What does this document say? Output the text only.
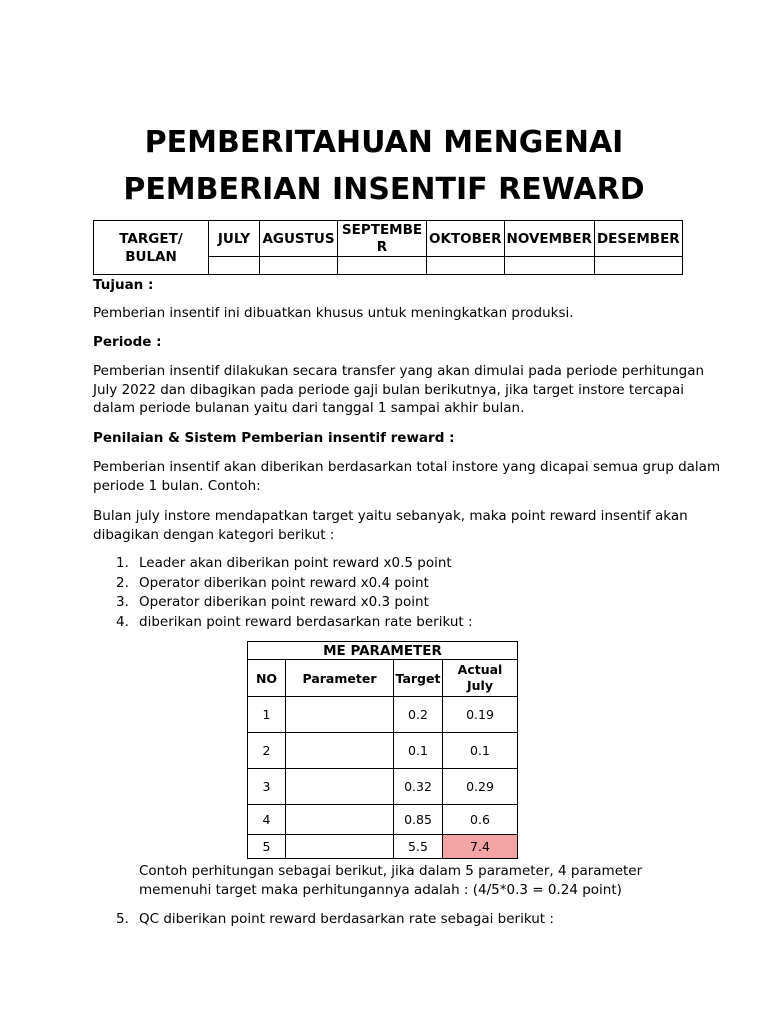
PEMBERITAHUAN MENGENAI
PEMBERIAN INSENTIF REWARD
TARGET/ BULAN	JULY	AGUSTUS	SEPTEMBE R	OKTOBER	NOVEMBER	DESEMBER

Tujuan :
Pemberian insentif ini dibuatkan khusus untuk meningkatkan produksi.
Periode :
Pemberian insentif dilakukan secara transfer yang akan dimulai pada periode perhitungan
July 2022 dan dibagikan pada periode gaji bulan berikutnya, jika target instore tercapai
dalam periode bulanan yaitu dari tanggal 1 sampai akhir bulan.
Penilaian & Sistem Pemberian insentif reward :
Pemberian insentif akan diberikan berdasarkan total instore yang dicapai semua grup dalam
periode 1 bulan. Contoh:
Bulan july instore mendapatkan target yaitu sebanyak, maka point reward insentif akan
dibagikan dengan kategori berikut :
1. Leader akan diberikan point reward x0.5 point
2. Operator diberikan point reward x0.4 point
3. Operator diberikan point reward x0.3 point
4. diberikan point reward berdasarkan rate berikut :
ME PARAMETER			
NO	Parameter	Target	Actual July
1		0.2	0.19
2		0.1	0.1
3		0.32	0.29
4		0.85	0.6
5		5.5	7.4
Contoh perhitungan sebagai berikut, jika dalam 5 parameter, 4 parameter
memenuhi target maka perhitungannya adalah : (4/5*0.3 = 0.24 point)
5. QC diberikan point reward berdasarkan rate sebagai berikut :
